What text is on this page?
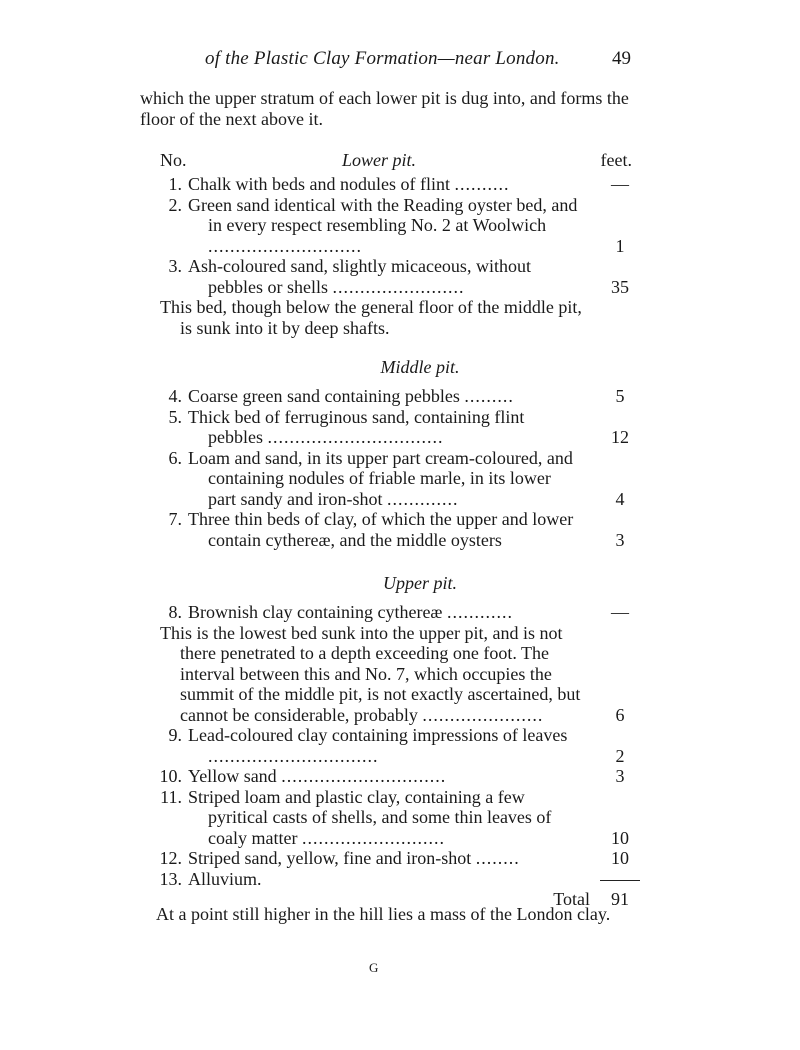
of the Plastic Clay Formation—near London.	49

which the upper stratum of each lower pit is dug into, and forms the floor of the next above it.

No.	Lower pit.	feet.
1. Chalk with beds and nodules of flint ..........	—
2. Green sand identical with the Reading oyster bed, and in every respect resembling No. 2 at Woolwich ............................	1
3. Ash-coloured sand, slightly micaceous, without pebbles or shells ........................	35
This bed, though below the general floor of the middle pit, is sunk into it by deep shafts.
Middle pit.
4. Coarse green sand containing pebbles .........	5
5. Thick bed of ferruginous sand, containing flint pebbles ................................	12
6. Loam and sand, in its upper part cream-coloured, and containing nodules of friable marle, in its lower part sandy and iron-shot .............	4
7. Three thin beds of clay, of which the upper and lower contain cythereæ, and the middle oysters	3
Upper pit.
8. Brownish clay containing cythereæ ............	—
This is the lowest bed sunk into the upper pit, and is not there penetrated to a depth exceeding one foot. The interval between this and No. 7, which occupies the summit of the middle pit, is not exactly ascertained, but cannot be considerable, probably ......................	6
9. Lead-coloured clay containing impressions of leaves ...............................	2
10. Yellow sand ..............................	3
11. Striped loam and plastic clay, containing a few pyritical casts of shells, and some thin leaves of coaly matter ..........................	10
12. Striped sand, yellow, fine and iron-shot ........	10
13. Alluvium.
Total	91

At a point still higher in the hill lies a mass of the London clay.

G
